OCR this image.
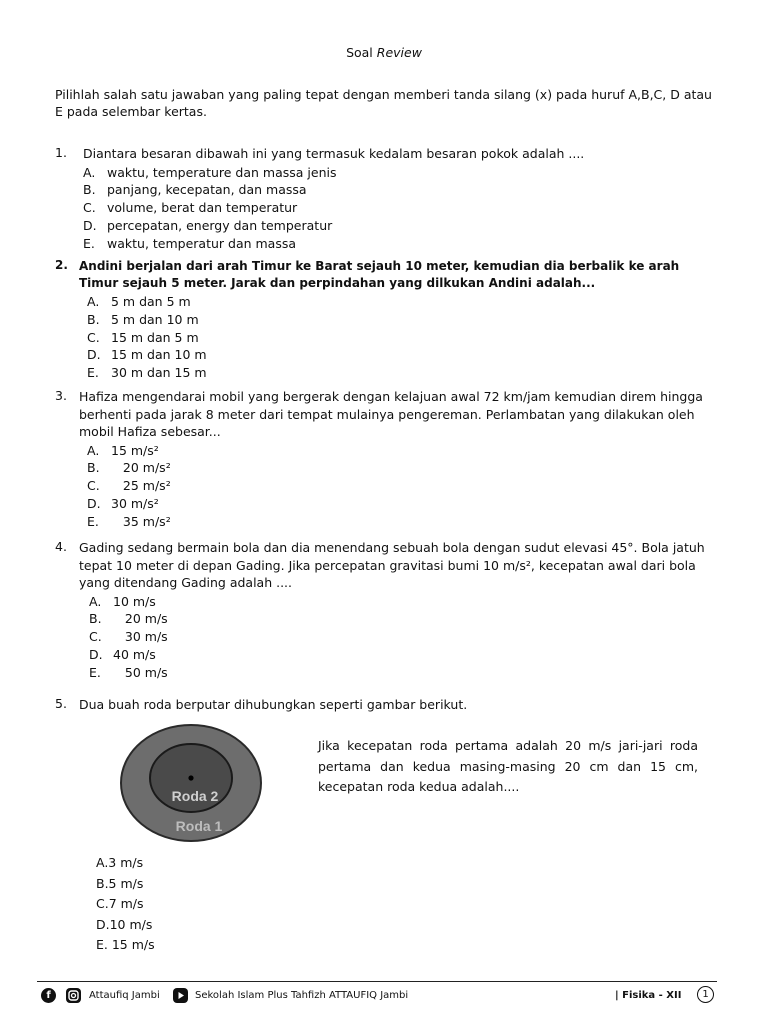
Soal Review
Pilihlah salah satu jawaban yang paling tepat dengan memberi tanda silang (x) pada huruf A,B,C, D atau E pada selembar kertas.
1. Diantara besaran dibawah ini yang termasuk kedalam besaran pokok adalah ....
A. waktu, temperature dan massa jenis
B. panjang, kecepatan, dan massa
C. volume, berat dan temperatur
D. percepatan, energy dan temperatur
E. waktu, temperatur dan massa
2. Andini berjalan dari arah Timur ke Barat sejauh 10 meter, kemudian dia berbalik ke arah Timur sejauh 5 meter. Jarak dan perpindahan yang dilkukan Andini adalah...
A. 5 m dan 5 m
B. 5 m dan 10 m
C. 15 m dan 5 m
D. 15 m dan 10 m
E. 30 m dan 15 m
3. Hafiza mengendarai mobil yang bergerak dengan kelajuan awal 72 km/jam kemudian direm hingga berhenti pada jarak 8 meter dari tempat mulainya pengereman. Perlambatan yang dilakukan oleh mobil Hafiza sebesar...
A. 15 m/s²
B.   20 m/s²
C.   25 m/s²
D. 30 m/s²
E.   35 m/s²
4. Gading sedang bermain bola dan dia menendang sebuah bola dengan sudut elevasi 45°. Bola jatuh tepat 10 meter di depan Gading. Jika percepatan gravitasi bumi 10 m/s², kecepatan awal dari bola yang ditendang Gading adalah ....
A. 10 m/s
B.   20 m/s
C.   30 m/s
D. 40 m/s
E.   50 m/s
5. Dua buah roda berputar dihubungkan seperti gambar berikut.
Roda 2
Roda 1
Jika kecepatan roda pertama adalah 20 m/s jari-jari roda pertama dan kedua masing-masing 20 cm dan 15 cm, kecepatan roda kedua adalah....
A.3 m/s
B.5 m/s
C.7 m/s
D.10 m/s
E. 15 m/s
f	Attaufiq Jambi	Sekolah Islam Plus Tahfizh ATTAUFIQ Jambi	| Fisika - XII	1
